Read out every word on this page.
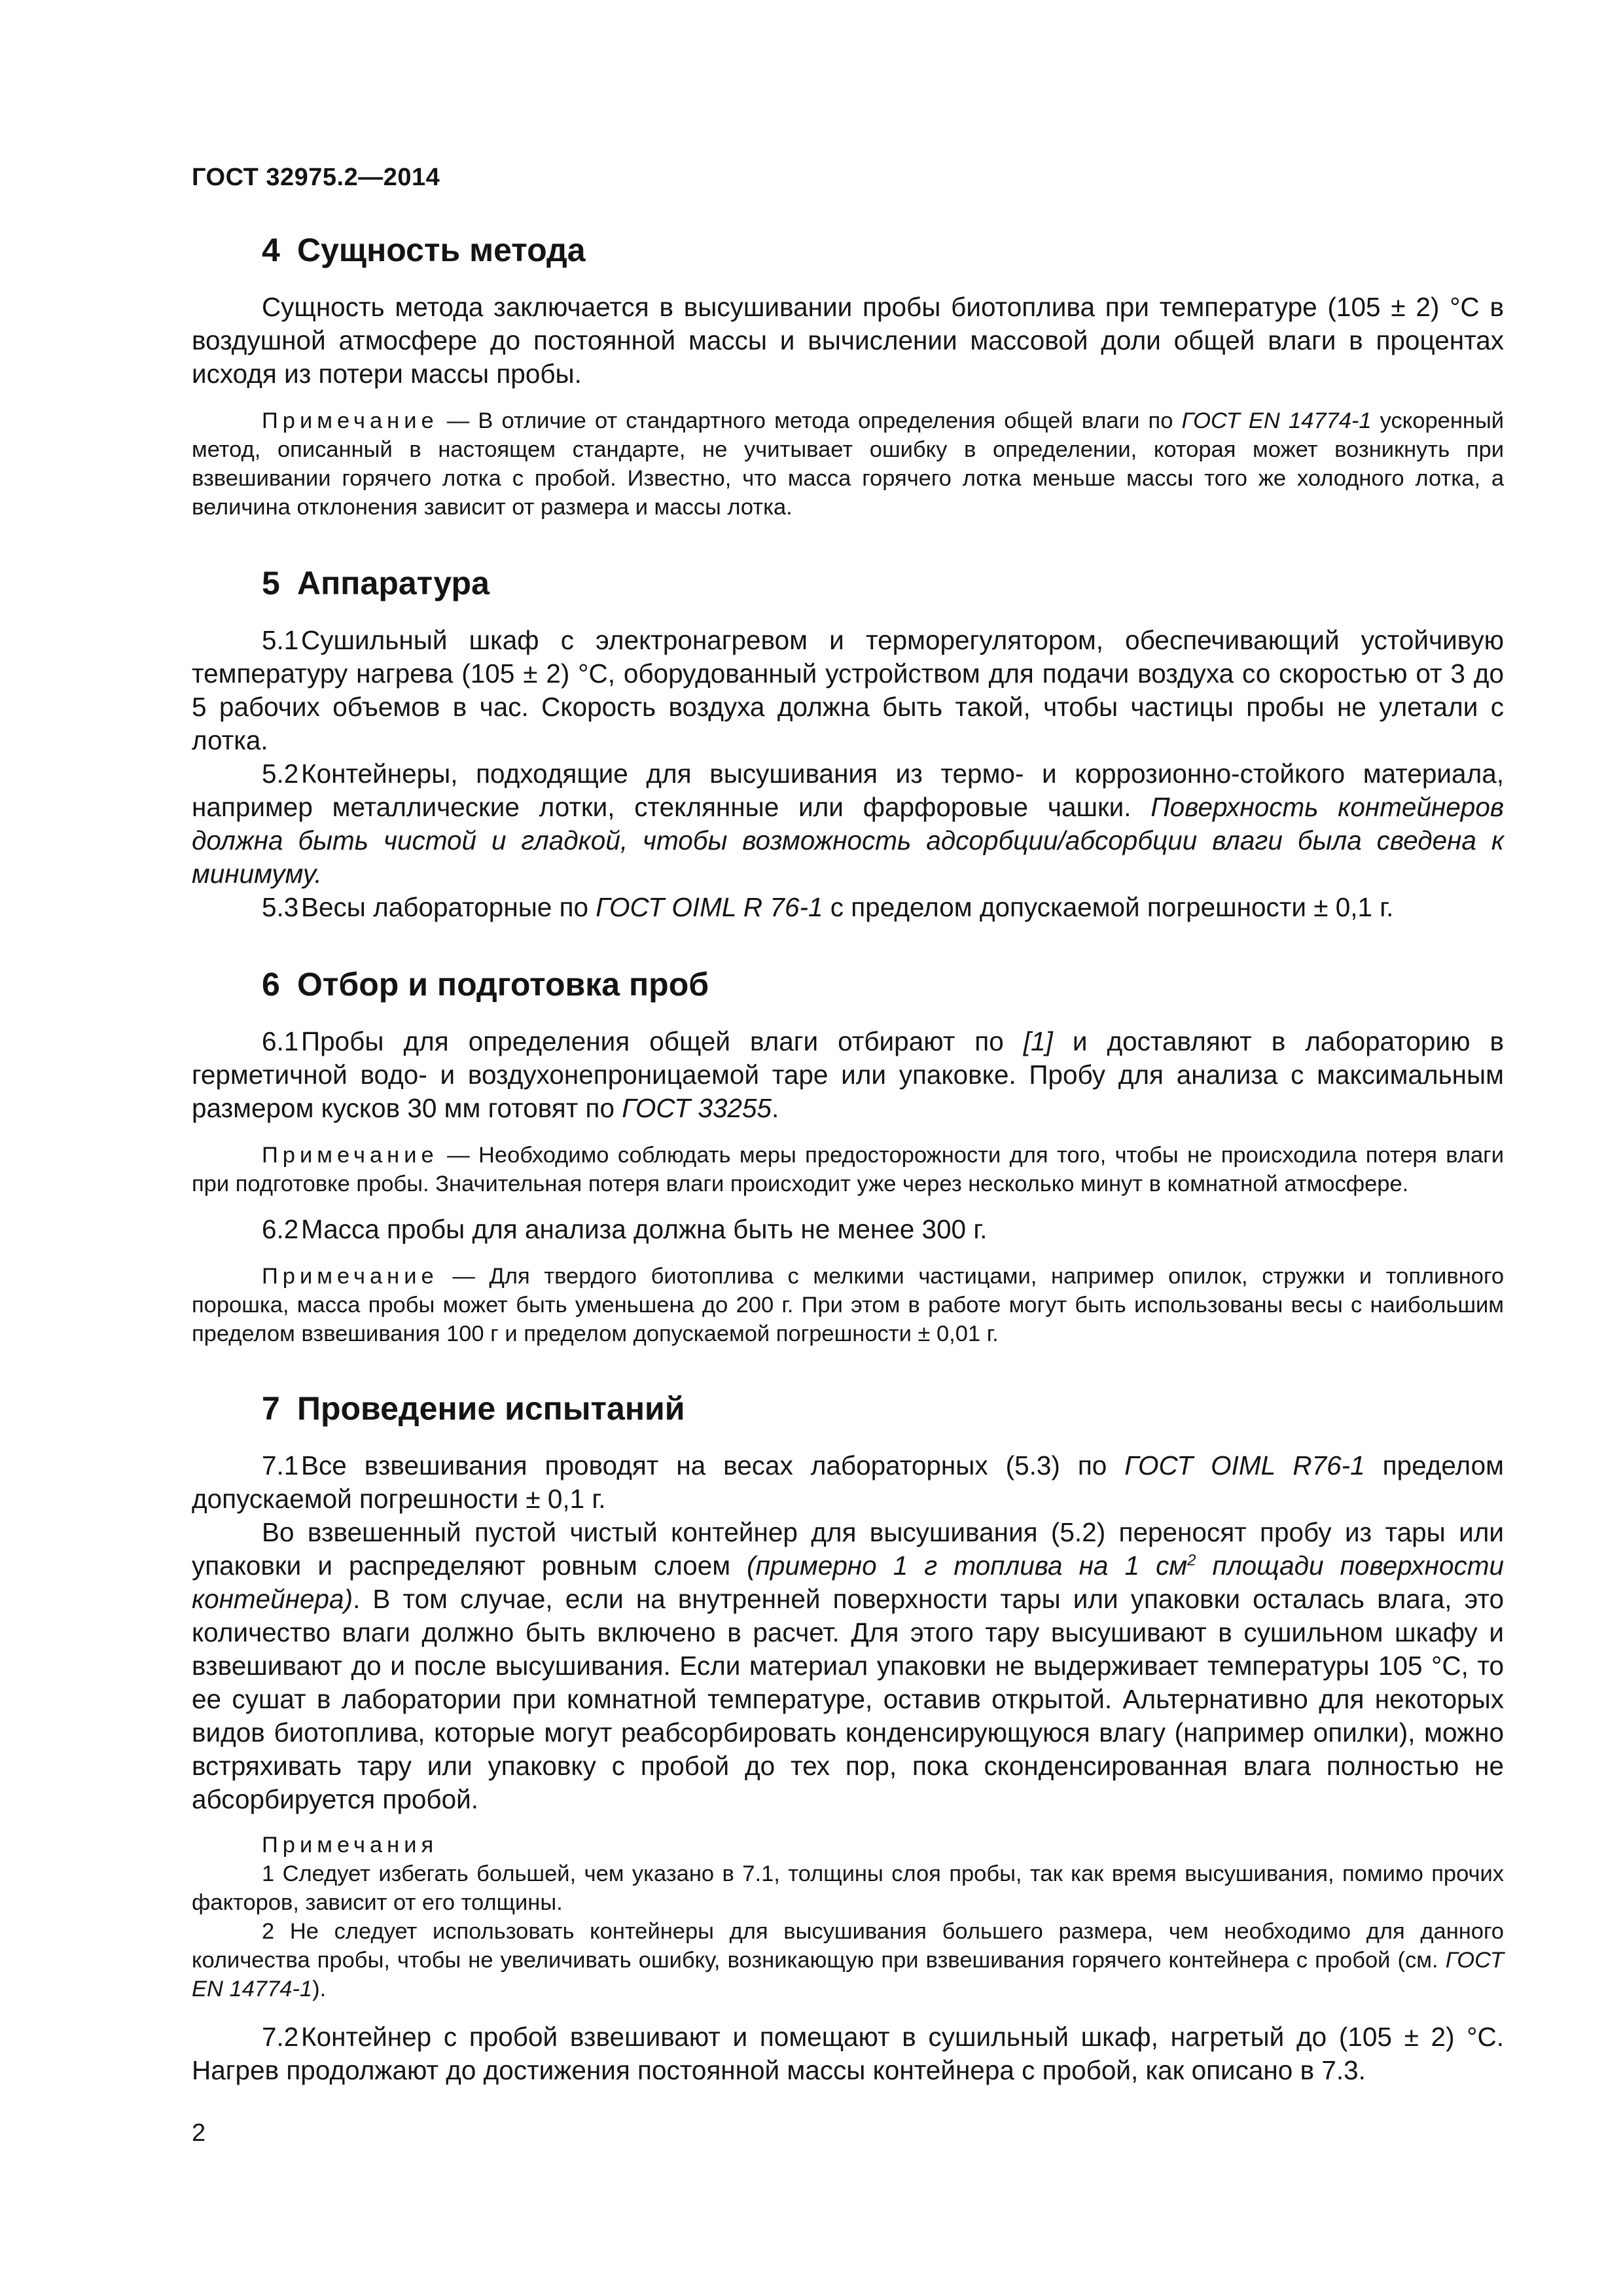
ГОСТ 32975.2—2014
4 Сущность метода

Сущность метода заключается в высушивании пробы биотоплива при температуре (105 ± 2) °С в воздушной атмосфере до постоянной массы и вычислении массовой доли общей влаги в процентах исходя из потери массы пробы.

Примечание — В отличие от стандартного метода определения общей влаги по ГОСТ EN 14774-1 ускоренный метод, описанный в настоящем стандарте, не учитывает ошибку в определении, которая может возникнуть при взвешивании горячего лотка с пробой. Известно, что масса горячего лотка меньше массы того же холодного лотка, а величина отклонения зависит от размера и массы лотка.

5 Аппаратура

5.1Сушильный шкаф с электронагревом и терморегулятором, обеспечивающий устойчивую температуру нагрева (105 ± 2) °С, оборудованный устройством для подачи воздуха со скоростью от 3 до 5 рабочих объемов в час. Скорость воздуха должна быть такой, чтобы частицы пробы не улетали с лотка.

5.2Контейнеры, подходящие для высушивания из термо- и коррозионно-стойкого материала, например металлические лотки, стеклянные или фарфоровые чашки. Поверхность контейнеров должна быть чистой и гладкой, чтобы возможность адсорбции/абсорбции влаги была сведена к минимуму.

5.3Весы лабораторные по ГОСТ OIML R 76-1 с пределом допускаемой погрешности ± 0,1 г.

6 Отбор и подготовка проб

6.1Пробы для определения общей влаги отбирают по [1] и доставляют в лабораторию в герметичной водо- и воздухонепроницаемой таре или упаковке. Пробу для анализа с максимальным размером кусков 30 мм готовят по ГОСТ 33255.

Примечание — Необходимо соблюдать меры предосторожности для того, чтобы не происходила потеря влаги при подготовке пробы. Значительная потеря влаги происходит уже через несколько минут в комнатной атмосфере.

6.2Масса пробы для анализа должна быть не менее 300 г.

Примечание — Для твердого биотоплива с мелкими частицами, например опилок, стружки и топливного порошка, масса пробы может быть уменьшена до 200 г. При этом в работе могут быть использованы весы с наибольшим пределом взвешивания 100 г и пределом допускаемой погрешности ± 0,01 г.

7 Проведение испытаний

7.1Все взвешивания проводят на весах лабораторных (5.3) по ГОСТ OIML R76-1 пределом допускаемой погрешности ± 0,1 г.

Во взвешенный пустой чистый контейнер для высушивания (5.2) переносят пробу из тары или упаковки и распределяют ровным слоем (примерно 1 г топлива на 1 $см^2$ площади поверхности контейнера). В том случае, если на внутренней поверхности тары или упаковки осталась влага, это количество влаги должно быть включено в расчет. Для этого тару высушивают в сушильном шкафу и взвешивают до и после высушивания. Если материал упаковки не выдерживает температуры 105 °С, то ее сушат в лаборатории при комнатной температуре, оставив открытой. Альтернативно для некоторых видов биотоплива, которые могут реабсорбировать конденсирующуюся влагу (например опилки), можно встряхивать тару или упаковку с пробой до тех пор, пока сконденсированная влага полностью не абсорбируется пробой.

Примечания

1 Следует избегать большей, чем указано в 7.1, толщины слоя пробы, так как время высушивания, помимо прочих факторов, зависит от его толщины.

2 Не следует использовать контейнеры для высушивания большего размера, чем необходимо для данного количества пробы, чтобы не увеличивать ошибку, возникающую при взвешивания горячего контейнера с пробой (см. ГОСТ EN 14774-1).

7.2Контейнер с пробой взвешивают и помещают в сушильный шкаф, нагретый до (105 ± 2) °С. Нагрев продолжают до достижения постоянной массы контейнера с пробой, как описано в 7.3.

2
